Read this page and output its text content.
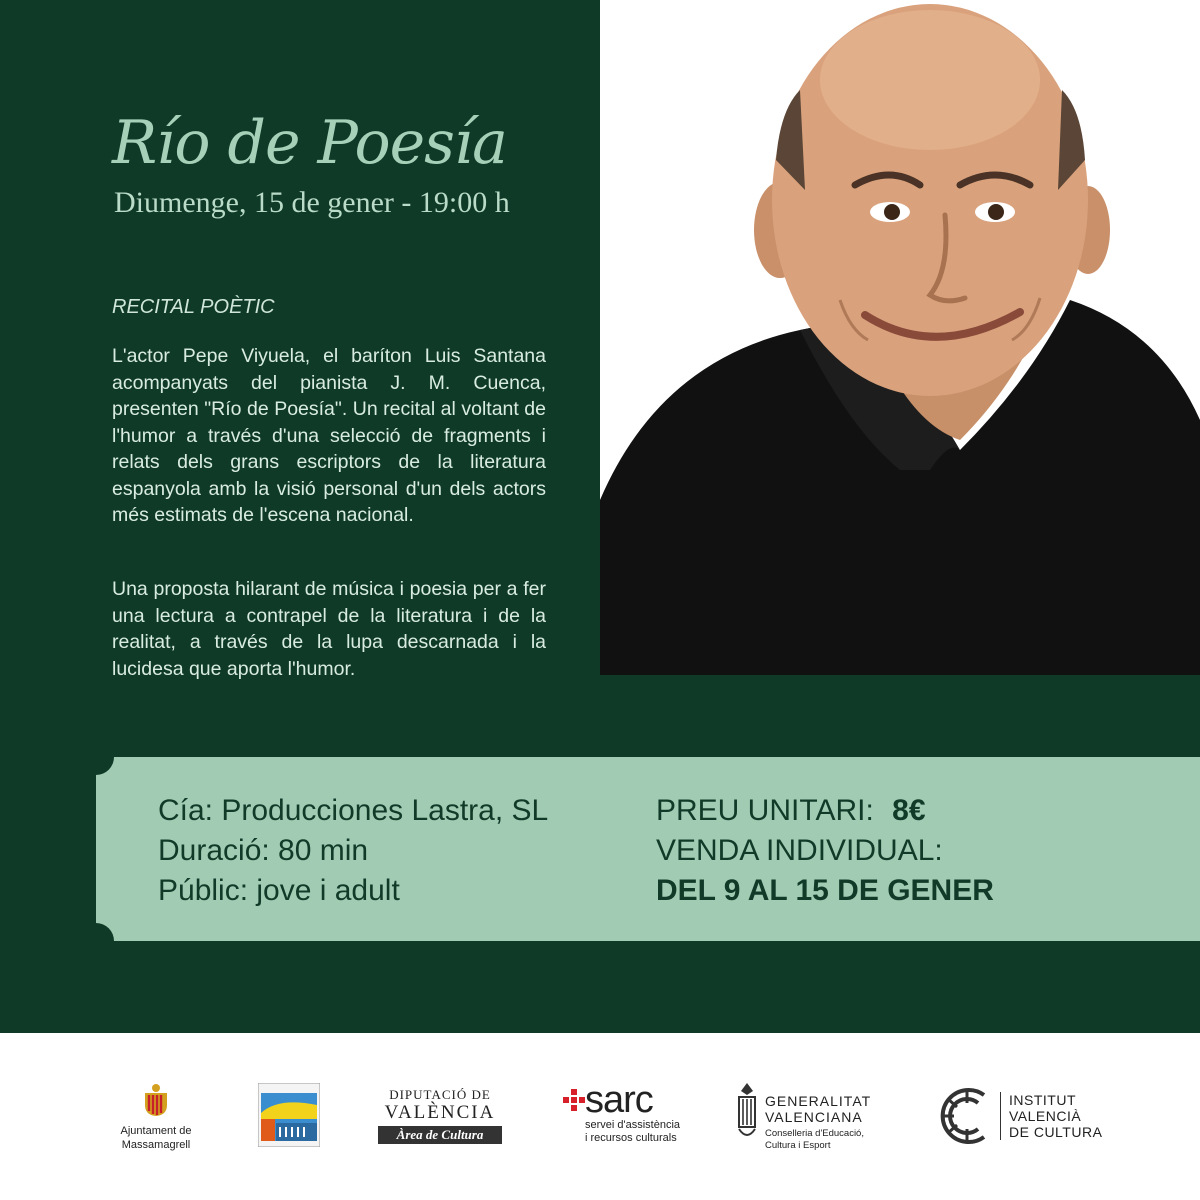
Río de Poesía
Diumenge, 15 de gener - 19:00 h
RECITAL POÈTIC
L'actor Pepe Viyuela, el baríton Luis Santana acompanyats del pianista J. M. Cuenca, presenten "Río de Poesía". Un recital al voltant de l'humor a través d'una selecció de fragments i relats dels grans escriptors de la literatura espanyola amb la visió personal d'un dels actors més estimats de l'escena nacional.
Una proposta hilarant de música i poesia per a fer una lectura a contrapel de la literatura i de la realitat, a través de la lupa descarnada i la lucidesa que aporta l'humor.
Cía: Producciones Lastra, SL
Duració: 80 min
Públic: jove i adult
PREU UNITARI: 8€
VENDA INDIVIDUAL:
DEL 9 AL 15 DE GENER
Ajuntament de
Massamagrell
DIPUTACIÓ DE
VALÈNCIA
Àrea de Cultura
sarc
servei d'assistència
i recursos culturals
GENERALITAT
VALENCIANA
Conselleria d'Educació,
Cultura i Esport
INSTITUT
VALENCIÀ
DE CULTURA
